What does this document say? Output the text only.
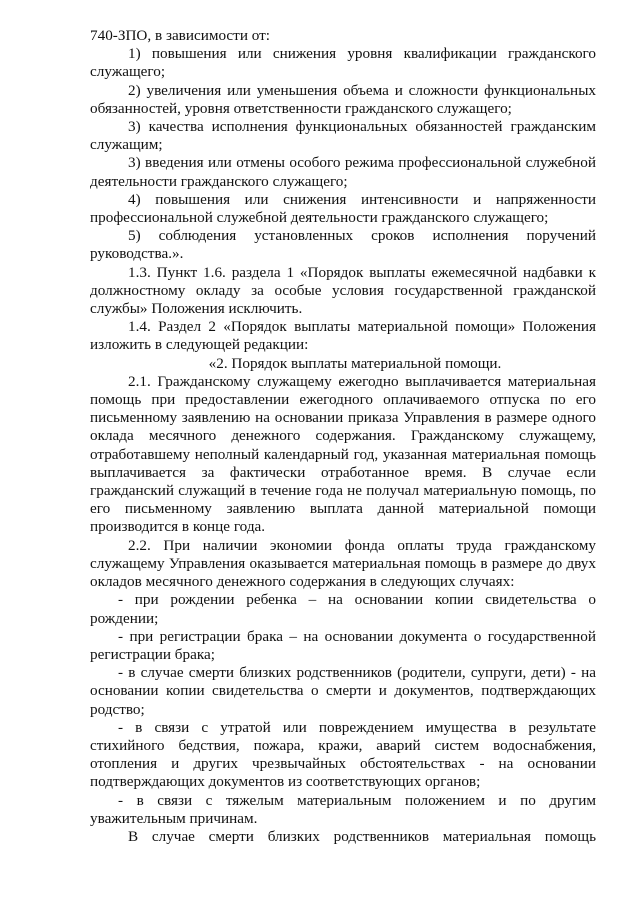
740-ЗПО, в зависимости от:

1) повышения или снижения уровня квалификации гражданского служащего;

2) увеличения или уменьшения объема и сложности функциональных обязанностей, уровня ответственности гражданского служащего;

3) качества исполнения функциональных обязанностей гражданским служащим;

3) введения или отмены особого режима профессиональной служебной деятельности гражданского служащего;

4) повышения или снижения интенсивности и напряженности профессиональной служебной деятельности гражданского служащего;

5) соблюдения установленных сроков исполнения поручений руководства.».

1.3. Пункт 1.6. раздела 1 «Порядок выплаты ежемесячной надбавки к должностному окладу за особые условия государственной гражданской службы» Положения исключить.

1.4. Раздел 2 «Порядок выплаты материальной помощи» Положения изложить в следующей редакции:

«2. Порядок выплаты материальной помощи.

2.1. Гражданскому служащему ежегодно выплачивается материальная помощь при предоставлении ежегодного оплачиваемого отпуска по его письменному заявлению на основании приказа Управления в размере одного оклада месячного денежного содержания. Гражданскому служащему, отработавшему неполный календарный год, указанная материальная помощь выплачивается за фактически отработанное время. В случае если гражданский служащий в течение года не получал материальную помощь, по его письменному заявлению выплата данной материальной помощи производится в конце года.

2.2. При наличии экономии фонда оплаты труда гражданскому служащему Управления оказывается материальная помощь в размере до двух окладов месячного денежного содержания в следующих случаях:

- при рождении ребенка – на основании копии свидетельства о рождении;

- при регистрации брака – на основании документа о государственной регистрации брака;

- в случае смерти близких родственников (родители, супруги, дети) - на основании копии свидетельства о смерти и документов, подтверждающих родство;

- в связи с утратой или повреждением имущества в результате стихийного бедствия, пожара, кражи, аварий систем водоснабжения, отопления и других чрезвычайных обстоятельствах - на основании подтверждающих документов из соответствующих органов;

- в связи с тяжелым материальным положением и по другим уважительным причинам.

В случае смерти близких родственников материальная помощь
